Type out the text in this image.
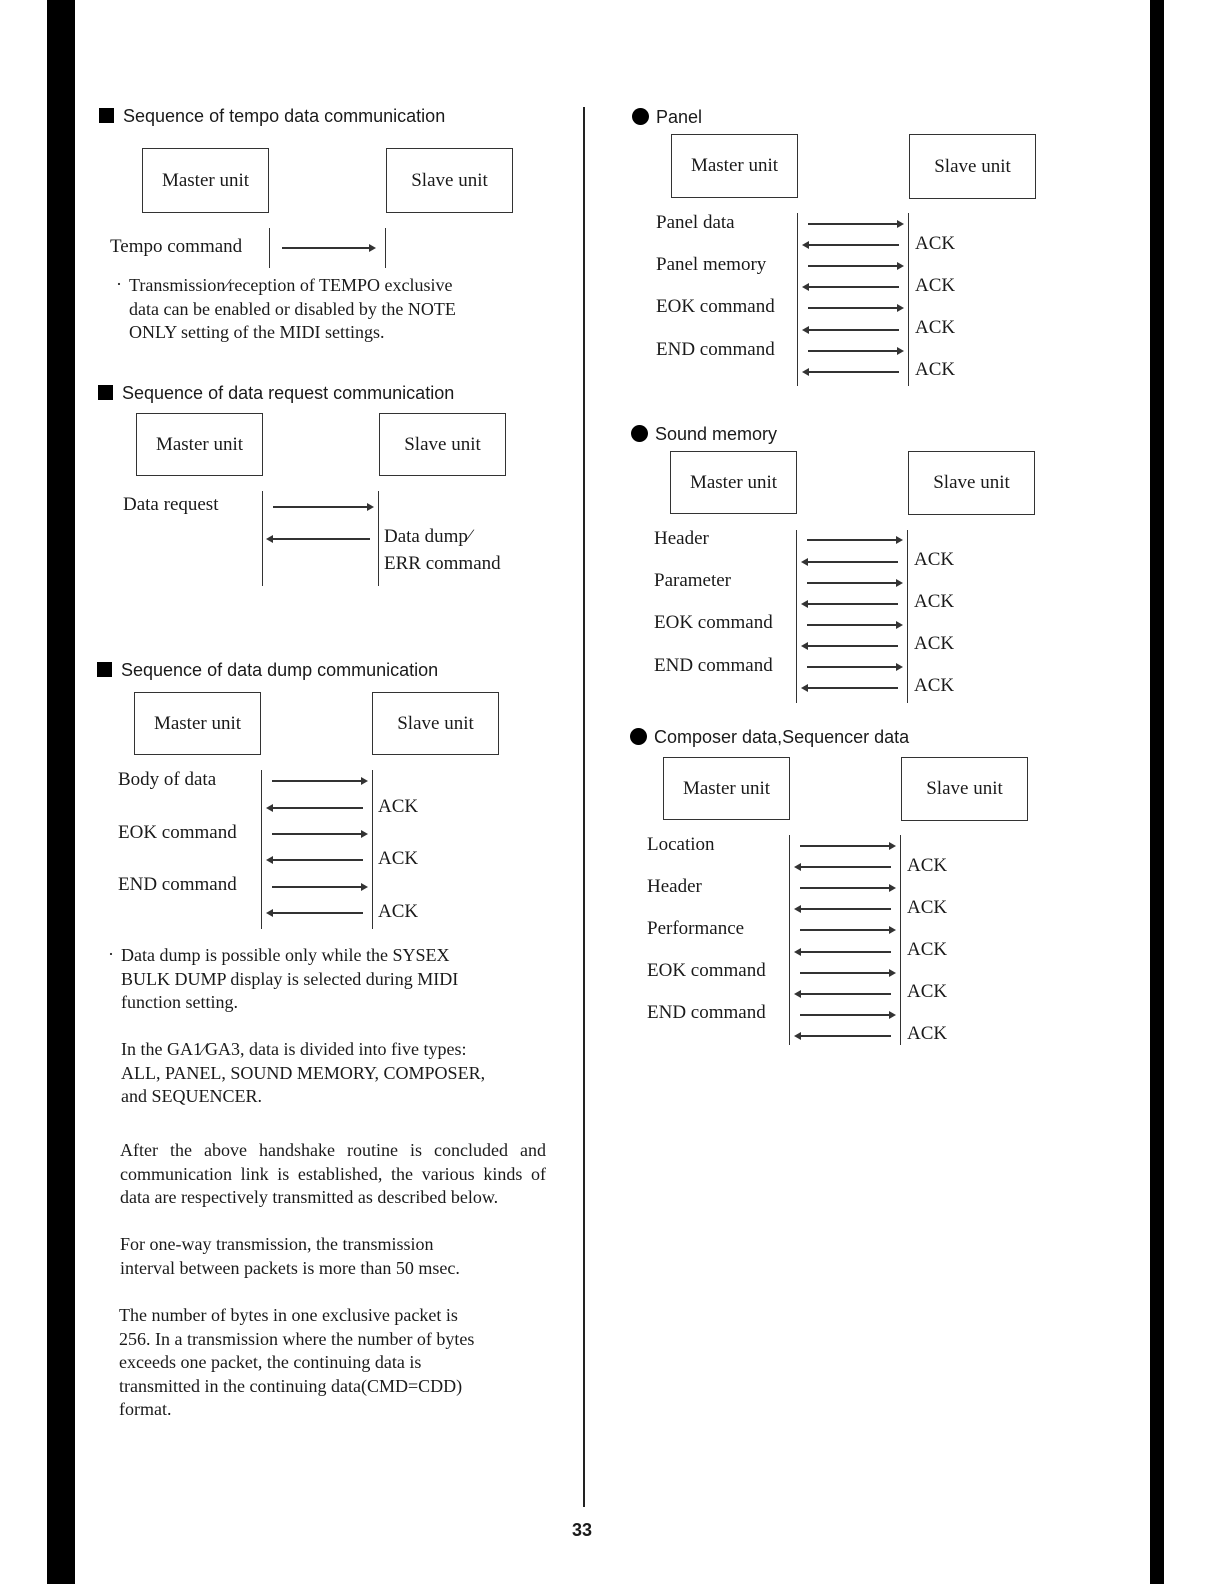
Sequence of tempo data communication
Master unit	Slave unit
Tempo command
· Transmission∕reception of TEMPO exclusive
data can be enabled or disabled by the NOTE
ONLY setting of the MIDI settings.

Sequence of data request communication
Master unit	Slave unit
Data request
Data dump∕
ERR command
Sequence of data dump communication
Master unit	Slave unit
Body of data
EOK command
END command
ACK
ACK
ACK
· Data dump is possible only while the SYSEX
BULK DUMP display is selected during MIDI
function setting.

In the GA1∕GA3, data is divided into five types:
ALL, PANEL, SOUND MEMORY, COMPOSER,
and SEQUENCER.

After the above handshake routine is concluded and communication link is established, the various kinds of data are respectively transmitted as described below.

For one-way transmission, the transmission
interval between packets is more than 50 msec.

The number of bytes in one exclusive packet is
256. In a transmission where the number of bytes
exceeds one packet, the continuing data is
transmitted in the continuing data(CMD=CDD)
format.

Panel
Master unit	Slave unit
Panel data
Panel memory
EOK command
END command
ACK
ACK
ACK
ACK
Sound memory
Master unit	Slave unit
Header
Parameter
EOK command
END command
ACK
ACK
ACK
ACK
Composer data,Sequencer data
Master unit	Slave unit
Location
Header
Performance
EOK command
END command
ACK
ACK
ACK
ACK
ACK
33
